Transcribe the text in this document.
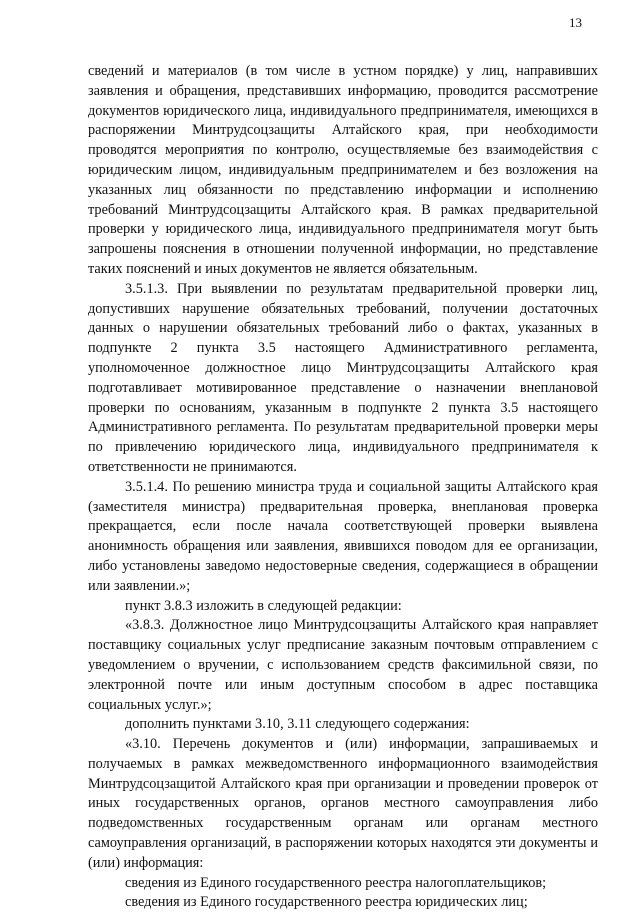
13

сведений и материалов (в том числе в устном порядке) у лиц, направивших заявления и обращения, представивших информацию, проводится рассмотрение документов юридического лица, индивидуального предпринимателя, имеющихся в распоряжении Минтрудсоцзащиты Алтайского края, при необходимости проводятся мероприятия по контролю, осуществляемые без взаимодействия с юридическим лицом, индивидуальным предпринимателем и без возложения на указанных лиц обязанности по представлению информации и исполнению требований Минтрудсоцзащиты Алтайского края. В рамках предварительной проверки у юридического лица, индивидуального предпринимателя могут быть запрошены пояснения в отношении полученной информации, но представление таких пояснений и иных документов не является обязательным.

3.5.1.3. При выявлении по результатам предварительной проверки лиц, допустивших нарушение обязательных требований, получении достаточных данных о нарушении обязательных требований либо о фактах, указанных в подпункте 2 пункта 3.5 настоящего Административного регламента, уполномоченное должностное лицо Минтрудсоцзащиты Алтайского края подготавливает мотивированное представление о назначении внеплановой проверки по основаниям, указанным в подпункте 2 пункта 3.5 настоящего Административного регламента. По результатам предварительной проверки меры по привлечению юридического лица, индивидуального предпринимателя к ответственности не принимаются.

3.5.1.4. По решению министра труда и социальной защиты Алтайского края (заместителя министра) предварительная проверка, внеплановая проверка прекращается, если после начала соответствующей проверки выявлена анонимность обращения или заявления, явившихся поводом для ее организации, либо установлены заведомо недостоверные сведения, содержащиеся в обращении или заявлении.»;

пункт 3.8.3 изложить в следующей редакции:

«3.8.3. Должностное лицо Минтрудсоцзащиты Алтайского края направляет поставщику социальных услуг предписание заказным почтовым отправлением с уведомлением о вручении, с использованием средств факсимильной связи, по электронной почте или иным доступным способом в адрес поставщика социальных услуг.»;

дополнить пунктами 3.10, 3.11 следующего содержания:

«3.10. Перечень документов и (или) информации, запрашиваемых и получаемых в рамках межведомственного информационного взаимодействия Минтрудсоцзащитой Алтайского края при организации и проведении проверок от иных государственных органов, органов местного самоуправления либо подведомственных государственным органам или органам местного самоуправления организаций, в распоряжении которых находятся эти документы и (или) информация:

сведения из Единого государственного реестра налогоплательщиков;

сведения из Единого государственного реестра юридических лиц;
